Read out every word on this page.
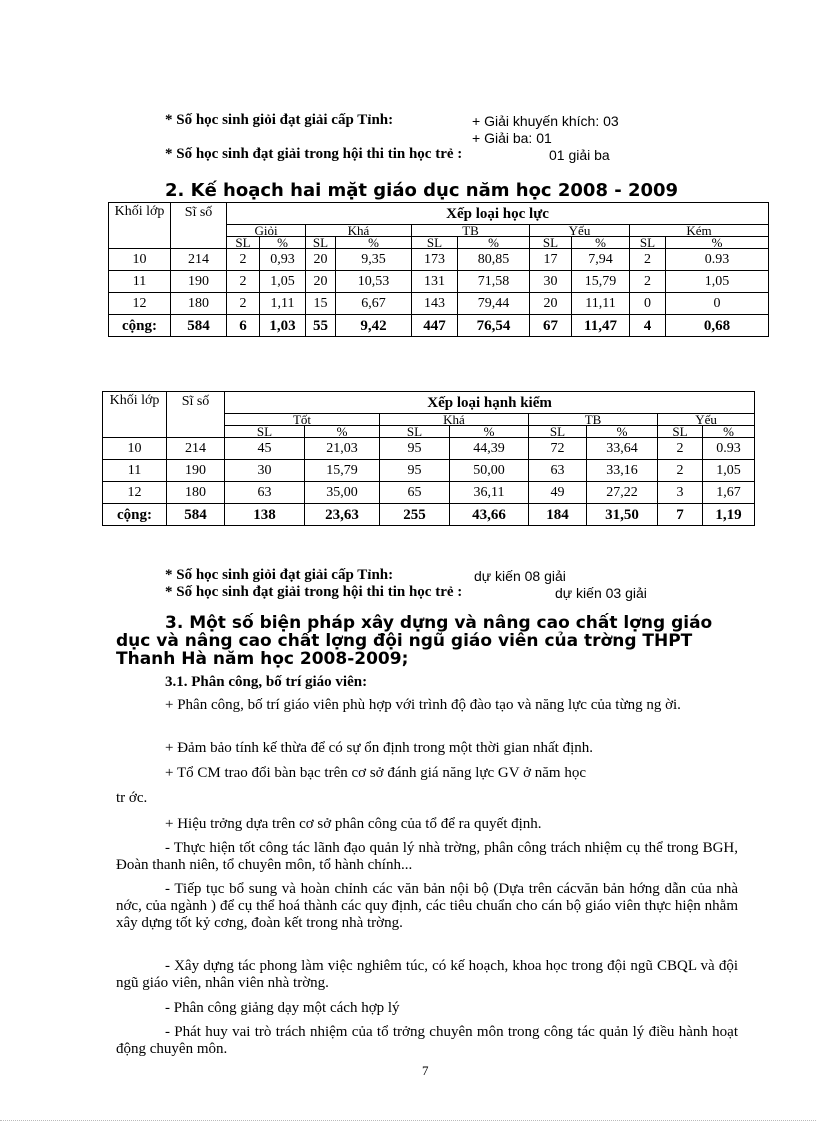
* Số học sinh giỏi đạt giải cấp Tỉnh:	+ Giải khuyến khích: 03
+ Giải ba: 01
* Số học sinh đạt giải trong hội thi tin học trẻ :	01 giải ba
2. Kế hoạch hai mặt giáo dục năm học 2008 - 2009
Khối lớp	Sĩ số	Xếp loại học lực									
		Giỏi		Khá		TB		Yếu		Kém	
		SL	%	SL	%	SL	%	SL	%	SL	%
10	214	2	0,93	20	9,35	173	80,85	17	7,94	2	0.93
11	190	2	1,05	20	10,53	131	71,58	30	15,79	2	1,05
12	180	2	1,11	15	6,67	143	79,44	20	11,11	0	0
cộng:	584	6	1,03	55	9,42	447	76,54	67	11,47	4	0,68
Khối lớp	Sĩ số	Xếp loại hạnh kiểm							
		Tốt		Khá		TB		Yếu	
		SL	%	SL	%	SL	%	SL	%
10	214	45	21,03	95	44,39	72	33,64	2	0.93
11	190	30	15,79	95	50,00	63	33,16	2	1,05
12	180	63	35,00	65	36,11	49	27,22	3	1,67
cộng:	584	138	23,63	255	43,66	184	31,50	7	1,19
* Số học sinh giỏi đạt giải cấp Tỉnh:	dự kiến 08 giải
* Số học sinh đạt giải trong hội thi tin học trẻ :	dự kiến 03 giải
3. Một số biện pháp xây dựng và nâng cao chất lợng giáo
dục và nâng cao chất lợng đội ngũ giáo viên của trờng THPT
Thanh Hà năm học 2008-2009;
3.1. Phân công, bố trí giáo viên:
+ Phân công, bố trí giáo viên phù hợp với trình độ đào tạo và năng lực của từng ng ời.
+ Đảm bảo tính kế thừa để có sự ổn định trong một thời gian nhất định.
+ Tổ CM trao đổi bàn bạc trên cơ sở đánh giá năng lực GV ở năm học
tr ớc.
+ Hiệu trởng dựa trên cơ sở phân công của tổ để ra quyết định.
- Thực hiện tốt công tác lãnh đạo quản lý nhà trờng, phân công trách nhiệm cụ thể trong BGH, Đoàn thanh niên, tổ chuyên môn, tổ hành chính...
- Tiếp tục bổ sung và hoàn chỉnh các văn bản nội bộ (Dựa trên cácvăn bản hớng dẫn của nhà nớc, của ngành ) để cụ thể hoá thành các quy định, các tiêu chuẩn cho cán bộ giáo viên thực hiện nhằm xây dựng tốt kỷ cơng, đoàn kết trong nhà trờng.
- Xây dựng tác phong làm việc nghiêm túc, có kế hoạch, khoa học trong đội ngũ CBQL và đội ngũ giáo viên, nhân viên nhà trờng.
- Phân công giảng dạy một cách hợp lý
- Phát huy vai trò trách nhiệm của tổ trởng chuyên môn trong công tác quản lý điều hành hoạt động chuyên môn.
7
